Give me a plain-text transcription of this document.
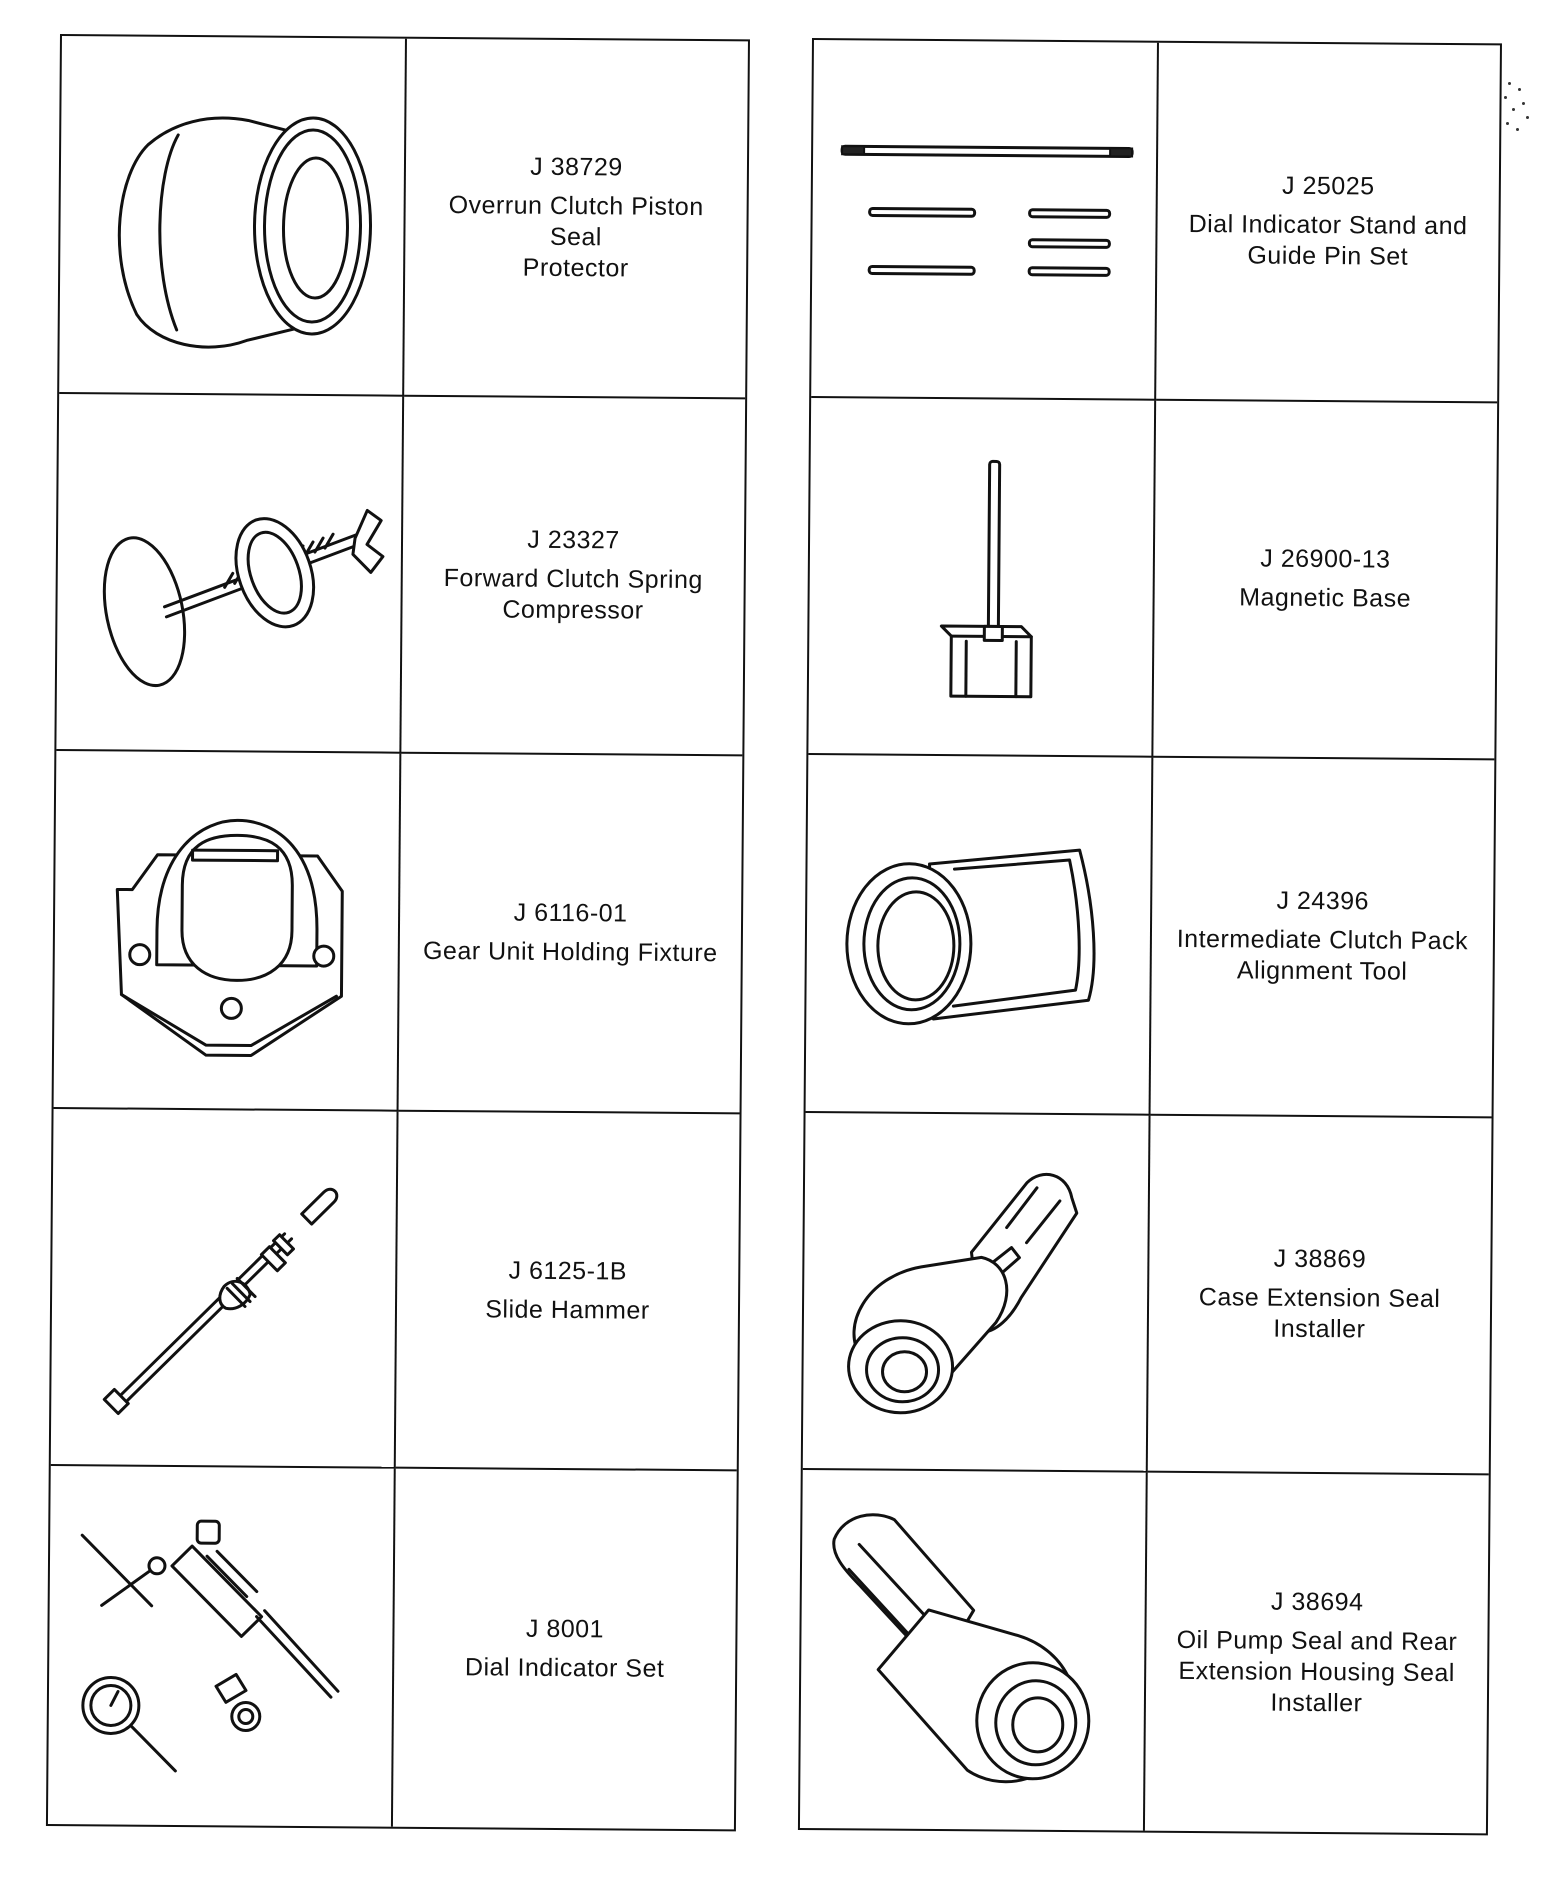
J 38729
Overrun Clutch Piston Seal
Protector
J 23327
Forward Clutch Spring
Compressor
J 6116-01
Gear Unit Holding Fixture
J 6125-1B
Slide Hammer
J 8001
Dial Indicator Set
J 25025
Dial Indicator Stand and
Guide Pin Set
J 26900-13
Magnetic Base
J 24396
Intermediate Clutch Pack
Alignment Tool
J 38869
Case Extension Seal
Installer
J 38694
Oil Pump Seal and Rear
Extension Housing Seal
Installer
